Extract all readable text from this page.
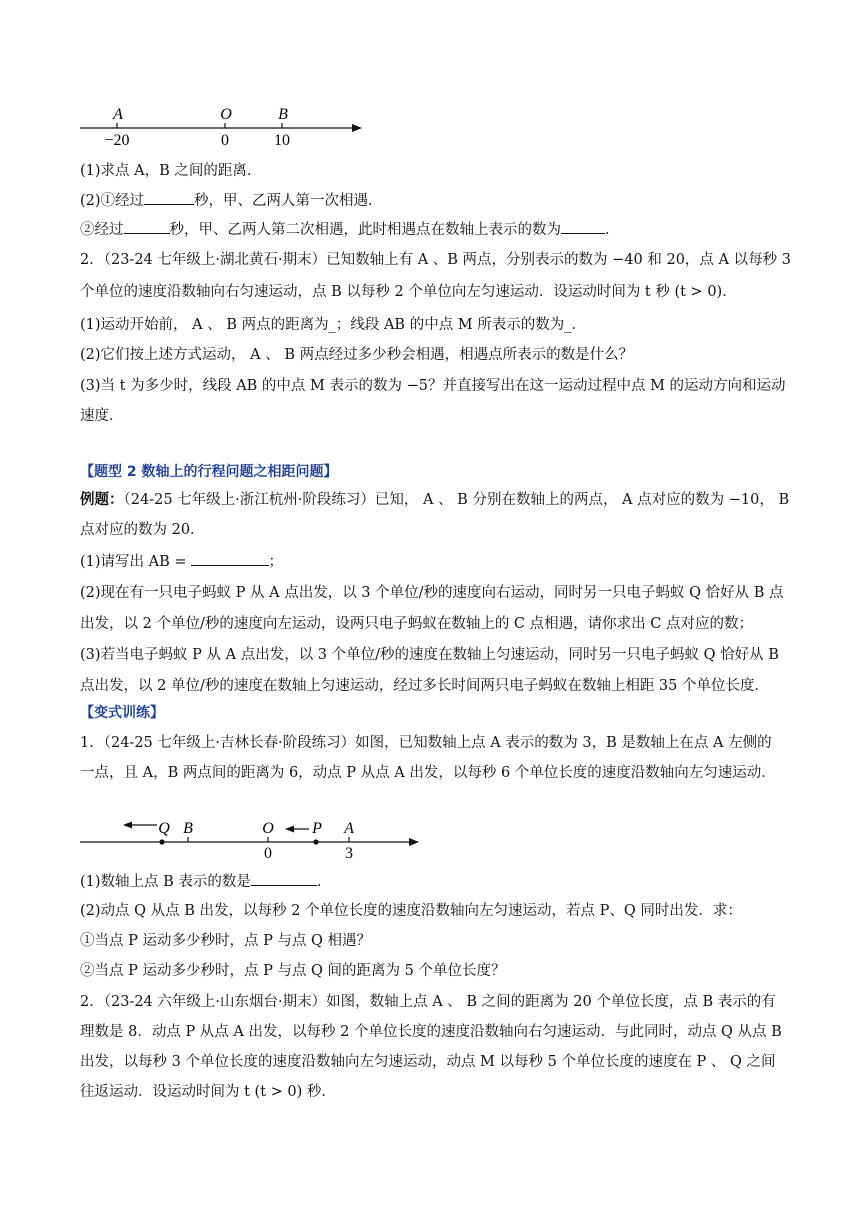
A	O	B
−20	0	10
(1)求点 A，B 之间的距离．
(2)①经过	秒，甲、乙两人第一次相遇．
②经过	秒，甲、乙两人第二次相遇，此时相遇点在数轴上表示的数为	．
2．（23-24 七年级上·湖北黄石·期末）已知数轴上有 A 、B 两点，分别表示的数为 −40 和 20，点 A 以每秒 3
个单位的速度沿数轴向右匀速运动，点 B 以每秒 2 个单位向左匀速运动．设运动时间为 t 秒 (t > 0)．
(1)运动开始前， A 、 B 两点的距离为_；线段 AB 的中点 M 所表示的数为_．
(2)它们按上述方式运动， A 、 B 两点经过多少秒会相遇，相遇点所表示的数是什么？
(3)当 t 为多少时，线段 AB 的中点 M 表示的数为 −5？并直接写出在这一运动过程中点 M 的运动方向和运动
速度．
【题型 2 数轴上的行程问题之相距问题】
例题：（24-25 七年级上·浙江杭州·阶段练习）已知， A 、 B 分别在数轴上的两点， A 点对应的数为 −10， B
点对应的数为 20．
(1)请写出 AB =	；
(2)现在有一只电子蚂蚁 P 从 A 点出发，以 3 个单位/秒的速度向右运动，同时另一只电子蚂蚁 Q 恰好从 B 点
出发，以 2 个单位/秒的速度向左运动，设两只电子蚂蚁在数轴上的 C 点相遇，请你求出 C 点对应的数；
(3)若当电子蚂蚁 P 从 A 点出发，以 3 个单位/秒的速度在数轴上匀速运动，同时另一只电子蚂蚁 Q 恰好从 B
点出发，以 2 单位/秒的速度在数轴上匀速运动，经过多长时间两只电子蚂蚁在数轴上相距 35 个单位长度．
【变式训练】
1．（24-25 七年级上·吉林长春·阶段练习）如图，已知数轴上点 A 表示的数为 3，B 是数轴上在点 A 左侧的
一点，且 A，B 两点间的距离为 6，动点 P 从点 A 出发，以每秒 6 个单位长度的速度沿数轴向左匀速运动．
Q B	O
0
P A
3
(1)数轴上点 B 表示的数是	．
(2)动点 Q 从点 B 出发，以每秒 2 个单位长度的速度沿数轴向左匀速运动，若点 P、Q 同时出发．求：
①当点 P 运动多少秒时，点 P 与点 Q 相遇？
②当点 P 运动多少秒时，点 P 与点 Q 间的距离为 5 个单位长度？
2．（23-24 六年级上·山东烟台·期末）如图，数轴上点 A 、 B 之间的距离为 20 个单位长度，点 B 表示的有
理数是 8．动点 P 从点 A 出发，以每秒 2 个单位长度的速度沿数轴向右匀速运动．与此同时，动点 Q 从点 B
出发，以每秒 3 个单位长度的速度沿数轴向左匀速运动，动点 M 以每秒 5 个单位长度的速度在 P 、 Q 之间
往返运动．设运动时间为 t (t > 0) 秒．
